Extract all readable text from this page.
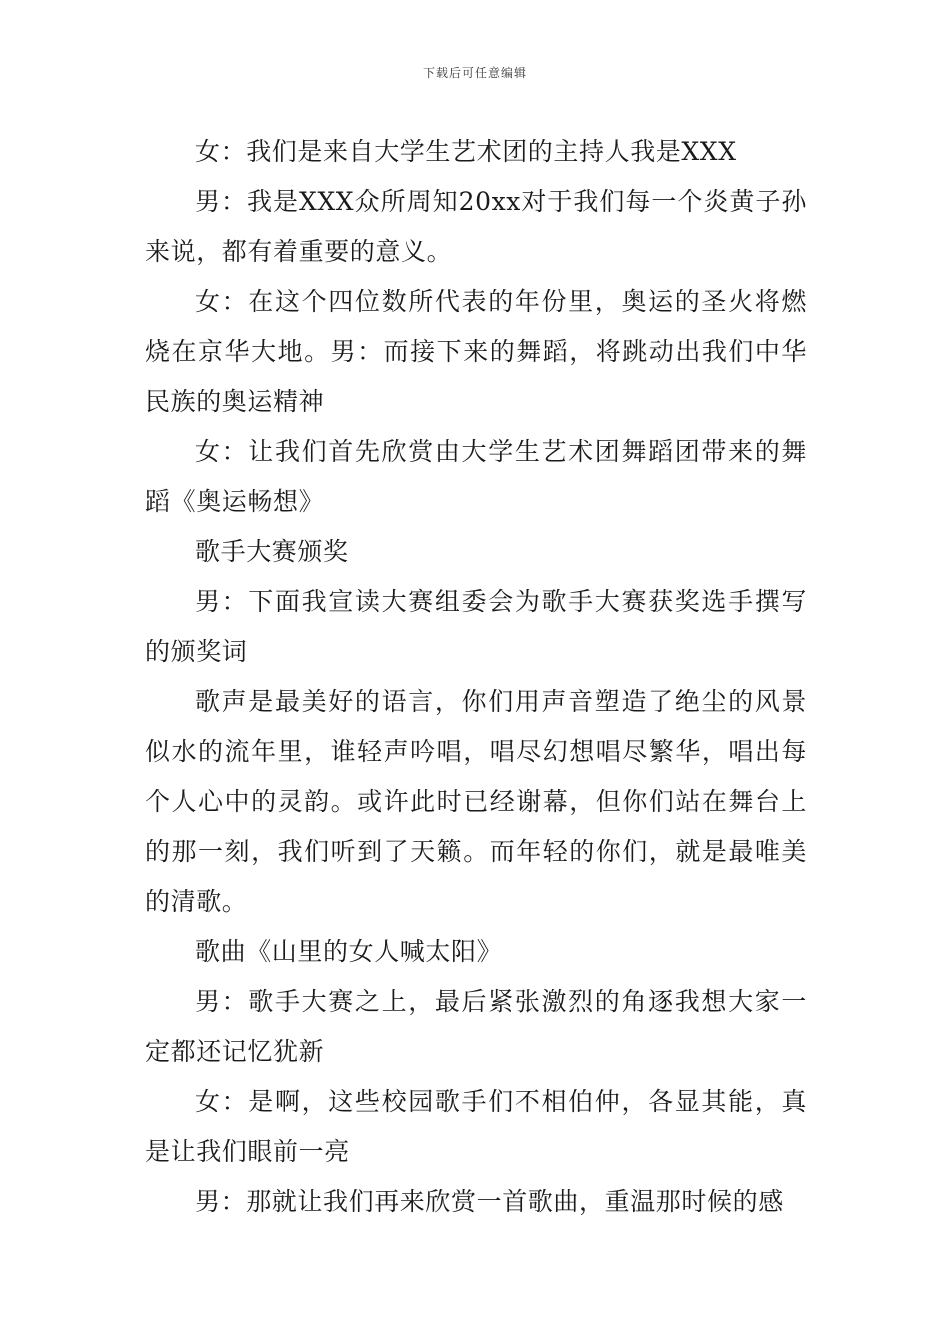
下载后可任意编辑

女：我们是来自大学生艺术团的主持人我是XXX

男：我是XXX众所周知20xx对于我们每一个炎黄子孙来说，都有着重要的意义。

女：在这个四位数所代表的年份里，奥运的圣火将燃烧在京华大地。男：而接下来的舞蹈，将跳动出我们中华民族的奥运精神

女：让我们首先欣赏由大学生艺术团舞蹈团带来的舞蹈《奥运畅想》

歌手大赛颁奖

男：下面我宣读大赛组委会为歌手大赛获奖选手撰写的颁奖词

歌声是最美好的语言，你们用声音塑造了绝尘的风景似水的流年里，谁轻声吟唱，唱尽幻想唱尽繁华，唱出每个人心中的灵韵。或许此时已经谢幕，但你们站在舞台上的那一刻，我们听到了天籁。而年轻的你们，就是最唯美的清歌。

歌曲《山里的女人喊太阳》

男：歌手大赛之上，最后紧张激烈的角逐我想大家一定都还记忆犹新

女：是啊，这些校园歌手们不相伯仲，各显其能，真是让我们眼前一亮

男：那就让我们再来欣赏一首歌曲，重温那时候的感
